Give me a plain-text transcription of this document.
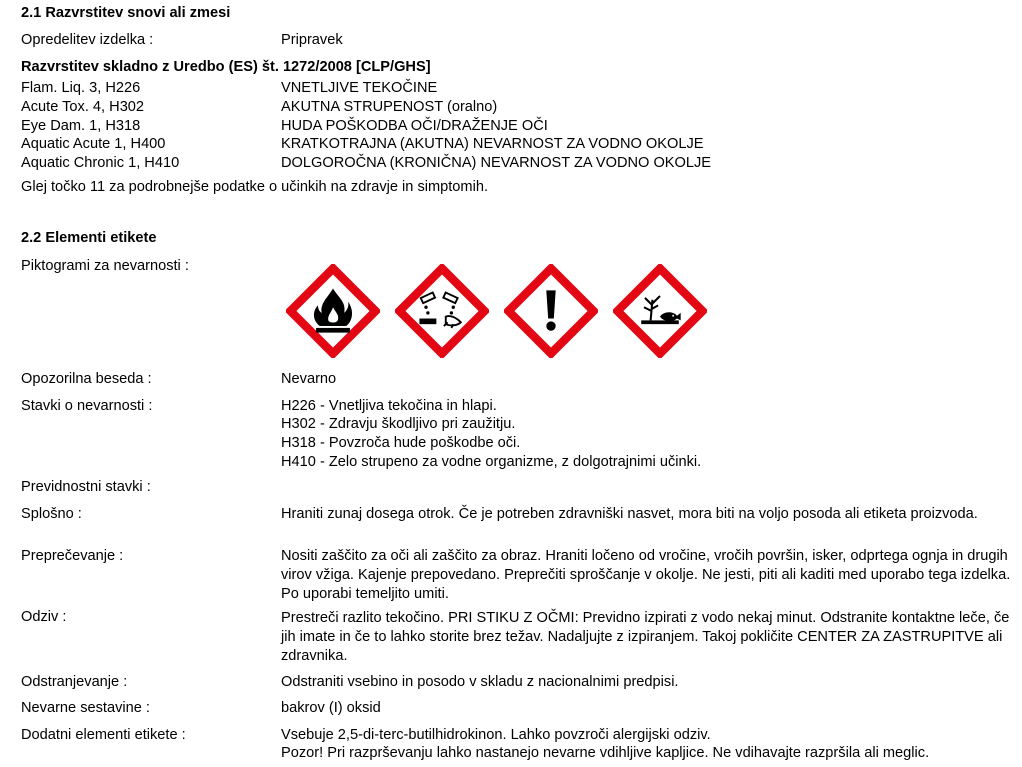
2.1 Razvrstitev snovi ali zmesi
Opredelitev izdelka :	Pripravek
Razvrstitev skladno z Uredbo (ES) št. 1272/2008 [CLP/GHS]
Flam. Liq. 3, H226	VNETLJIVE TEKOČINE
Acute Tox. 4, H302	AKUTNA STRUPENOST (oralno)
Eye Dam. 1, H318	HUDA POŠKODBA OČI/DRAŽENJE OČI
Aquatic Acute 1, H400	KRATKOTRAJNA (AKUTNA) NEVARNOST ZA VODNO OKOLJE
Aquatic Chronic 1, H410	DOLGOROČNA (KRONIČNA) NEVARNOST ZA VODNO OKOLJE
Glej točko 11 za podrobnejše podatke o učinkih na zdravje in simptomih.
2.2 Elementi etikete
Piktogrami za nevarnosti :
Opozorilna beseda :	Nevarno
Stavki o nevarnosti :	H226 - Vnetljiva tekočina in hlapi.
H302 - Zdravju škodljivo pri zaužitju.
H318 - Povzroča hude poškodbe oči.
H410 - Zelo strupeno za vodne organizme, z dolgotrajnimi učinki.
Previdnostni stavki :
Splošno :	Hraniti zunaj dosega otrok. Če je potreben zdravniški nasvet, mora biti na voljo posoda ali etiketa proizvoda.
Preprečevanje :	Nositi zaščito za oči ali zaščito za obraz. Hraniti ločeno od vročine, vročih površin, isker, odprtega ognja in drugih virov vžiga. Kajenje prepovedano. Preprečiti sproščanje v okolje. Ne jesti, piti ali kaditi med uporabo tega izdelka. Po uporabi temeljito umiti.
Odziv :	Prestreči razlito tekočino. PRI STIKU Z OČMI: Previdno izpirati z vodo nekaj minut. Odstranite kontaktne leče, če jih imate in če to lahko storite brez težav. Nadaljujte z izpiranjem. Takoj pokličite CENTER ZA ZASTRUPITVE ali zdravnika.
Odstranjevanje :	Odstraniti vsebino in posodo v skladu z nacionalnimi predpisi.
Nevarne sestavine :	bakrov (I) oksid
Dodatni elementi etikete :	Vsebuje 2,5-di-terc-butilhidrokinon. Lahko povzroči alergijski odziv.
Pozor! Pri razprševanju lahko nastanejo nevarne vdihljive kapljice. Ne vdihavajte razpršila ali meglic.
